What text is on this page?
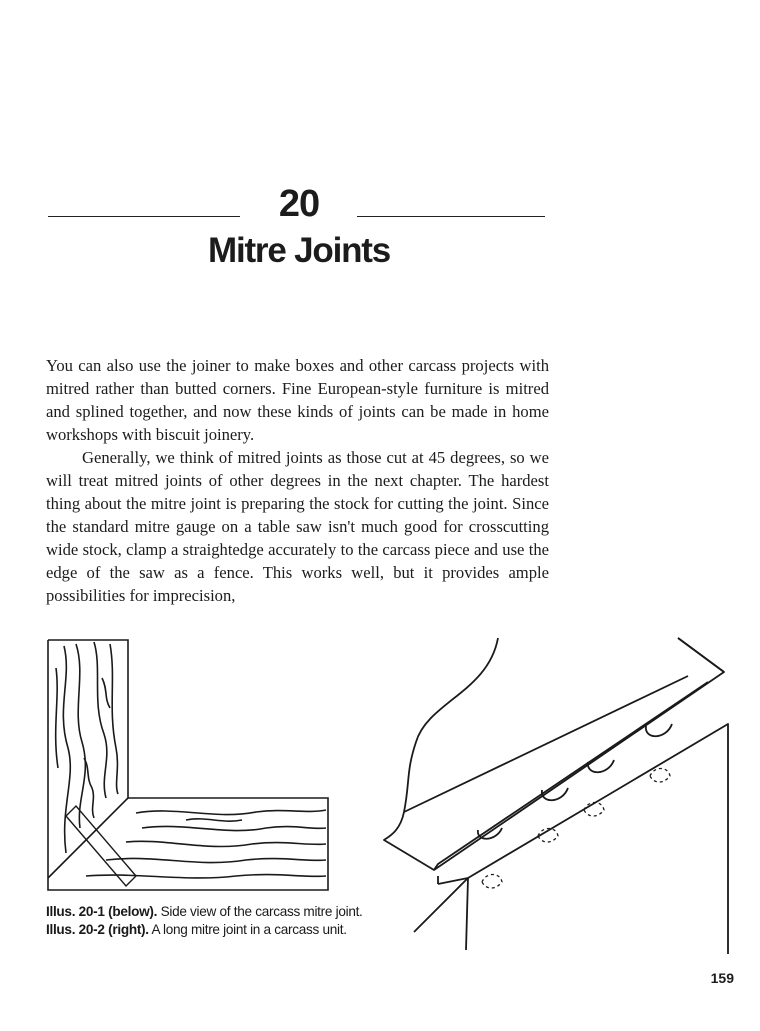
20
Mitre Joints

You can also use the joiner to make boxes and other carcass projects with mitred rather than butted corners. Fine European-style furniture is mitred and splined together, and now these kinds of joints can be made in home workshops with biscuit joinery.

Generally, we think of mitred joints as those cut at 45 degrees, so we will treat mitred joints of other degrees in the next chapter. The hardest thing about the mitre joint is preparing the stock for cutting the joint. Since the standard mitre gauge on a table saw isn't much good for crosscutting wide stock, clamp a straightedge accurately to the carcass piece and use the edge of the saw as a fence. This works well, but it provides ample possibilities for imprecision,

Illus. 20-1 (below). Side view of the carcass mitre joint. Illus. 20-2 (right). A long mitre joint in a carcass unit.
159
